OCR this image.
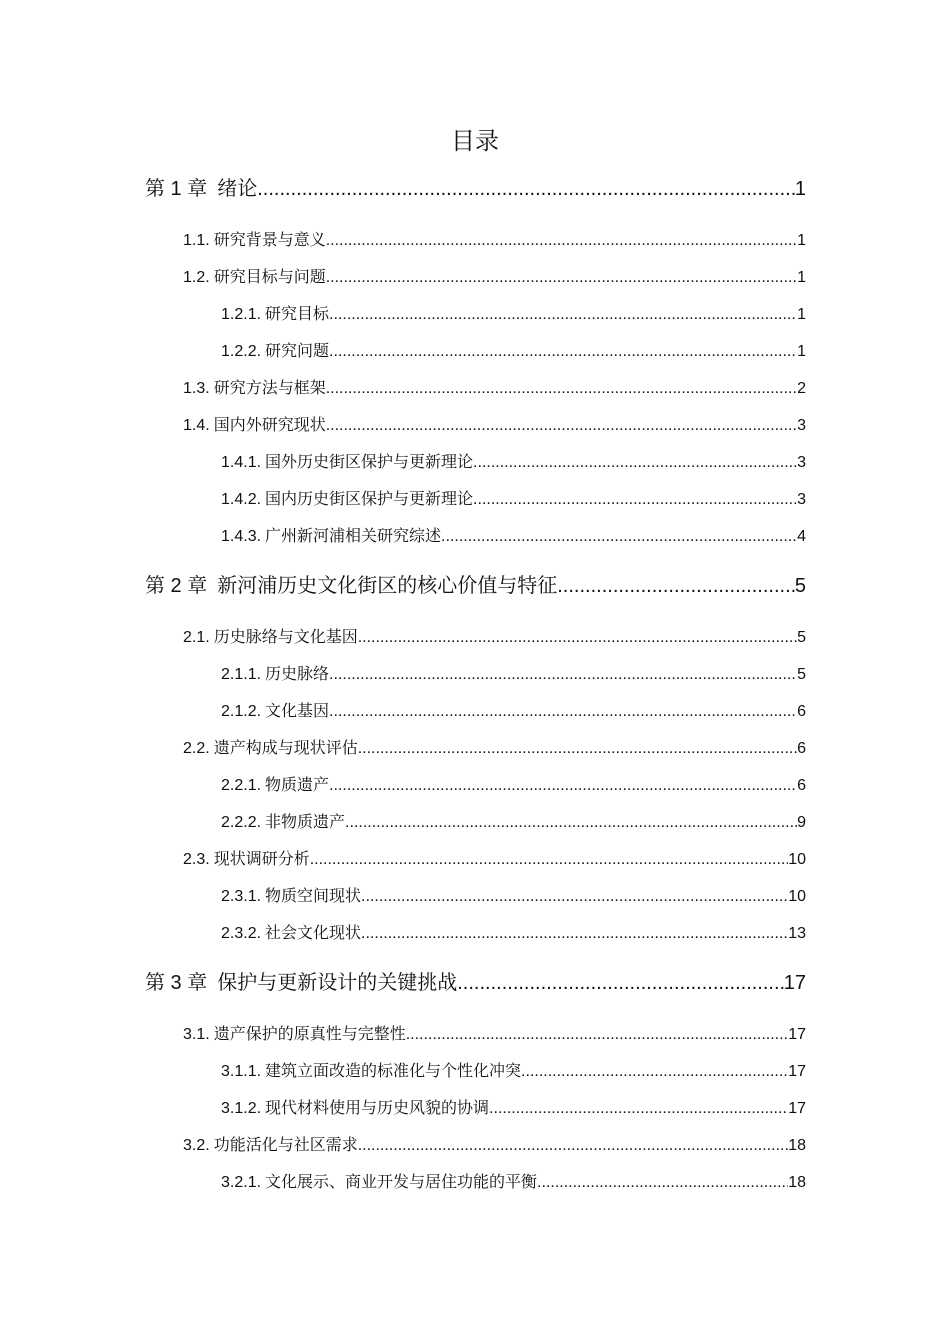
目录
第 1 章 绪论 .....	1
1.1. 研究背景与意义 .....	1
1.2. 研究目标与问题 .....	1
1.2.1. 研究目标 .....	1
1.2.2. 研究问题 .....	1
1.3. 研究方法与框架 .....	2
1.4. 国内外研究现状 .....	3
1.4.1. 国外历史街区保护与更新理论 .....	3
1.4.2. 国内历史街区保护与更新理论 .....	3
1.4.3. 广州新河浦相关研究综述 .....	4
第 2 章 新河浦历史文化街区的核心价值与特征 .....	5
2.1. 历史脉络与文化基因 .....	5
2.1.1. 历史脉络 .....	5
2.1.2. 文化基因 .....	6
2.2. 遗产构成与现状评估 .....	6
2.2.1. 物质遗产 .....	6
2.2.2. 非物质遗产 .....	9
2.3. 现状调研分析 .....	10
2.3.1. 物质空间现状 .....	10
2.3.2. 社会文化现状 .....	13
第 3 章 保护与更新设计的关键挑战 .....	17
3.1. 遗产保护的原真性与完整性 .....	17
3.1.1. 建筑立面改造的标准化与个性化冲突 .....	17
3.1.2. 现代材料使用与历史风貌的协调 .....	17
3.2. 功能活化与社区需求 .....	18
3.2.1. 文化展示、商业开发与居住功能的平衡 .....	18
